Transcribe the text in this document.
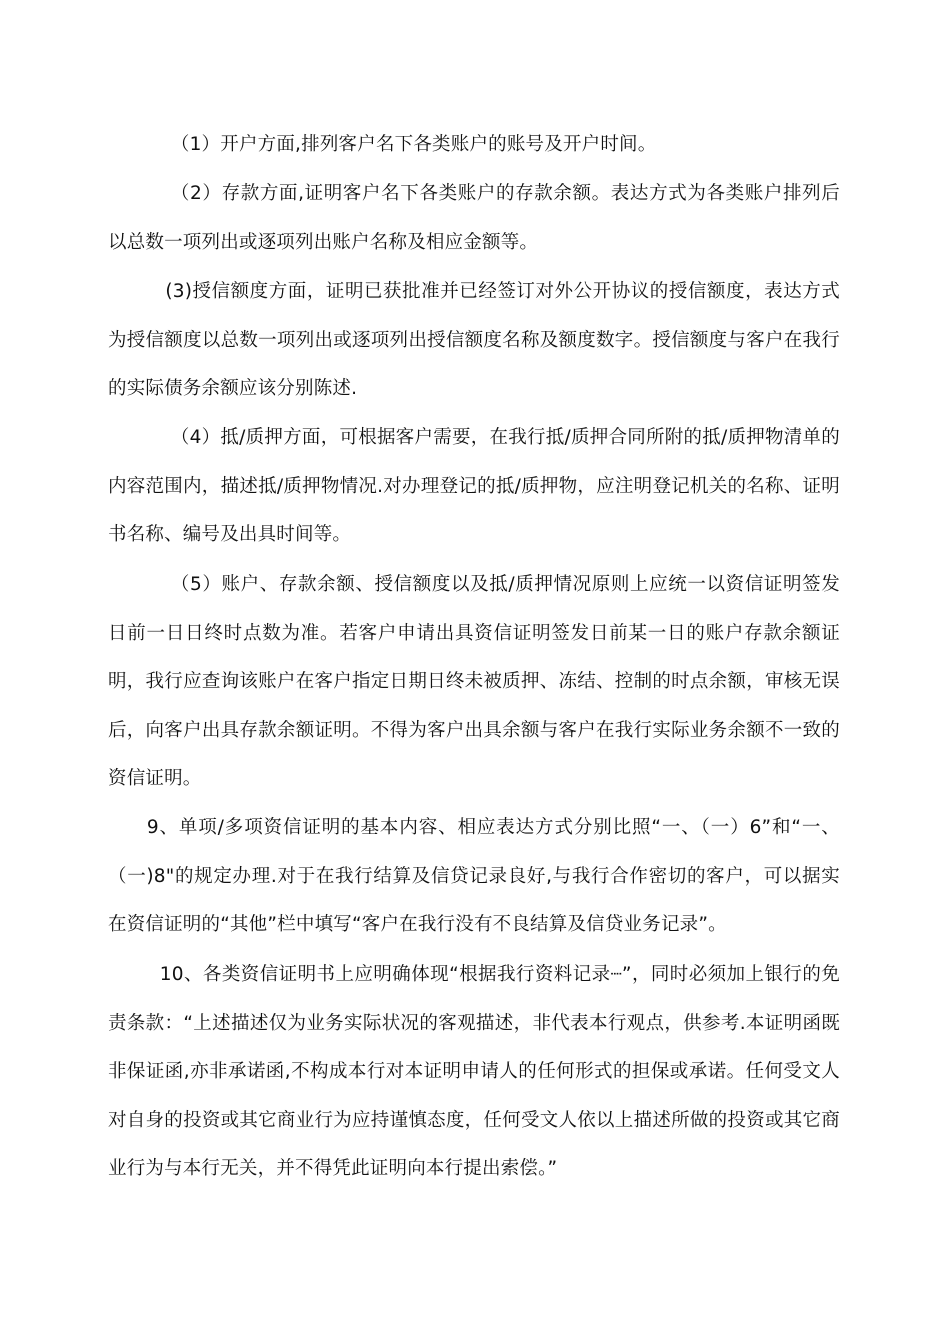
（1）开户方面,排列客户名下各类账户的账号及开户时间。

（2）存款方面,证明客户名下各类账户的存款余额。表达方式为各类账户排列后以总数一项列出或逐项列出账户名称及相应金额等。

(3)授信额度方面，证明已获批准并已经签订对外公开协议的授信额度，表达方式为授信额度以总数一项列出或逐项列出授信额度名称及额度数字。授信额度与客户在我行的实际债务余额应该分别陈述.

（4）抵/质押方面，可根据客户需要，在我行抵/质押合同所附的抵/质押物清单的内容范围内，描述抵/质押物情况.对办理登记的抵/质押物，应注明登记机关的名称、证明书名称、编号及出具时间等。

（5）账户、存款余额、授信额度以及抵/质押情况原则上应统一以资信证明签发日前一日日终时点数为准。若客户申请出具资信证明签发日前某一日的账户存款余额证明，我行应查询该账户在客户指定日期日终未被质押、冻结、控制的时点余额，审核无误后，向客户出具存款余额证明。不得为客户出具余额与客户在我行实际业务余额不一致的资信证明。

9、单项/多项资信证明的基本内容、相应表达方式分别比照“一、（一）6”和“一、（一)8"的规定办理.对于在我行结算及信贷记录良好,与我行合作密切的客户，可以据实在资信证明的“其他”栏中填写“客户在我行没有不良结算及信贷业务记录”。

10、各类资信证明书上应明确体现“根据我行资料记录┈”，同时必须加上银行的免责条款：“上述描述仅为业务实际状况的客观描述，非代表本行观点，供参考.本证明函既非保证函,亦非承诺函,不构成本行对本证明申请人的任何形式的担保或承诺。任何受文人对自身的投资或其它商业行为应持谨慎态度，任何受文人依以上描述所做的投资或其它商业行为与本行无关，并不得凭此证明向本行提出索偿。”
